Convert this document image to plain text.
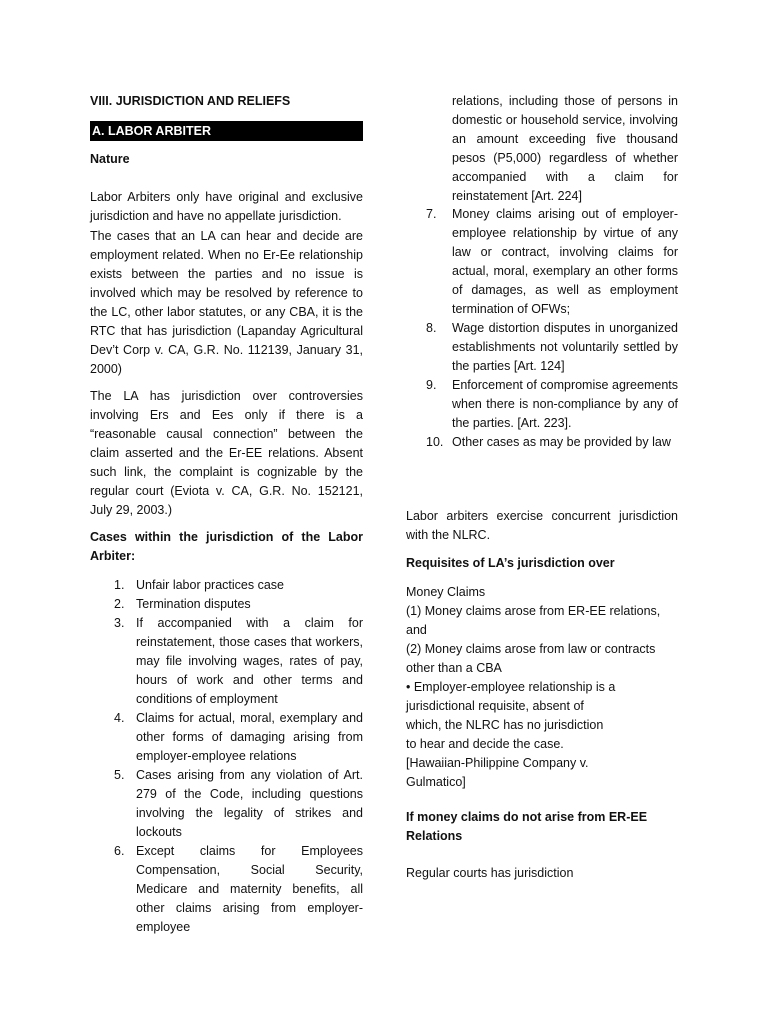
VIII. JURISDICTION AND RELIEFS

A. LABOR ARBITER

Nature

Labor Arbiters only have original and exclusive jurisdiction and have no appellate jurisdiction.

The cases that an LA can hear and decide are employment related. When no Er-Ee relationship exists between the parties and no issue is involved which may be resolved by reference to the LC, other labor statutes, or any CBA, it is the RTC that has jurisdiction (Lapanday Agricultural Dev’t Corp v. CA, G.R. No. 112139, January 31, 2000)

The LA has jurisdiction over controversies involving Ers and Ees only if there is a “reasonable causal connection” between the claim asserted and the Er-EE relations. Absent such link, the complaint is cognizable by the regular court (Eviota v. CA, G.R. No. 152121, July 29, 2003.)

Cases within the jurisdiction of the Labor Arbiter:

1. Unfair labor practices case
2. Termination disputes
3. If accompanied with a claim for reinstatement, those cases that workers, may file involving wages, rates of pay, hours of work and other terms and conditions of employment
4. Claims for actual, moral, exemplary and other forms of damaging arising from employer-employee relations
5. Cases arising from any violation of Art. 279 of the Code, including questions involving the legality of strikes and lockouts
6. Except claims for Employees Compensation, Social Security, Medicare and maternity benefits, all other claims arising from employer-employee

relations, including those of persons in domestic or household service, involving an amount exceeding five thousand pesos (P5,000) regardless of whether accompanied with a claim for reinstatement [Art. 224]

7. Money claims arising out of employer-employee relationship by virtue of any law or contract, involving claims for actual, moral, exemplary an other forms of damages, as well as employment termination of OFWs;
8. Wage distortion disputes in unorganized establishments not voluntarily settled by the parties [Art. 124]
9. Enforcement of compromise agreements when there is non-compliance by any of the parties. [Art. 223].
10. Other cases as may be provided by law

Labor arbiters exercise concurrent jurisdiction with the NLRC.

Requisites of LA’s jurisdiction over

Money Claims

(1) Money claims arose from ER-EE relations, and

(2) Money claims arose from law or contracts other than a CBA

• Employer-employee relationship is a

jurisdictional requisite, absent of

which, the NLRC has no jurisdiction

to hear and decide the case.

[Hawaiian-Philippine Company v.

Gulmatico]

If money claims do not arise from ER-EE Relations

Regular courts has jurisdiction
